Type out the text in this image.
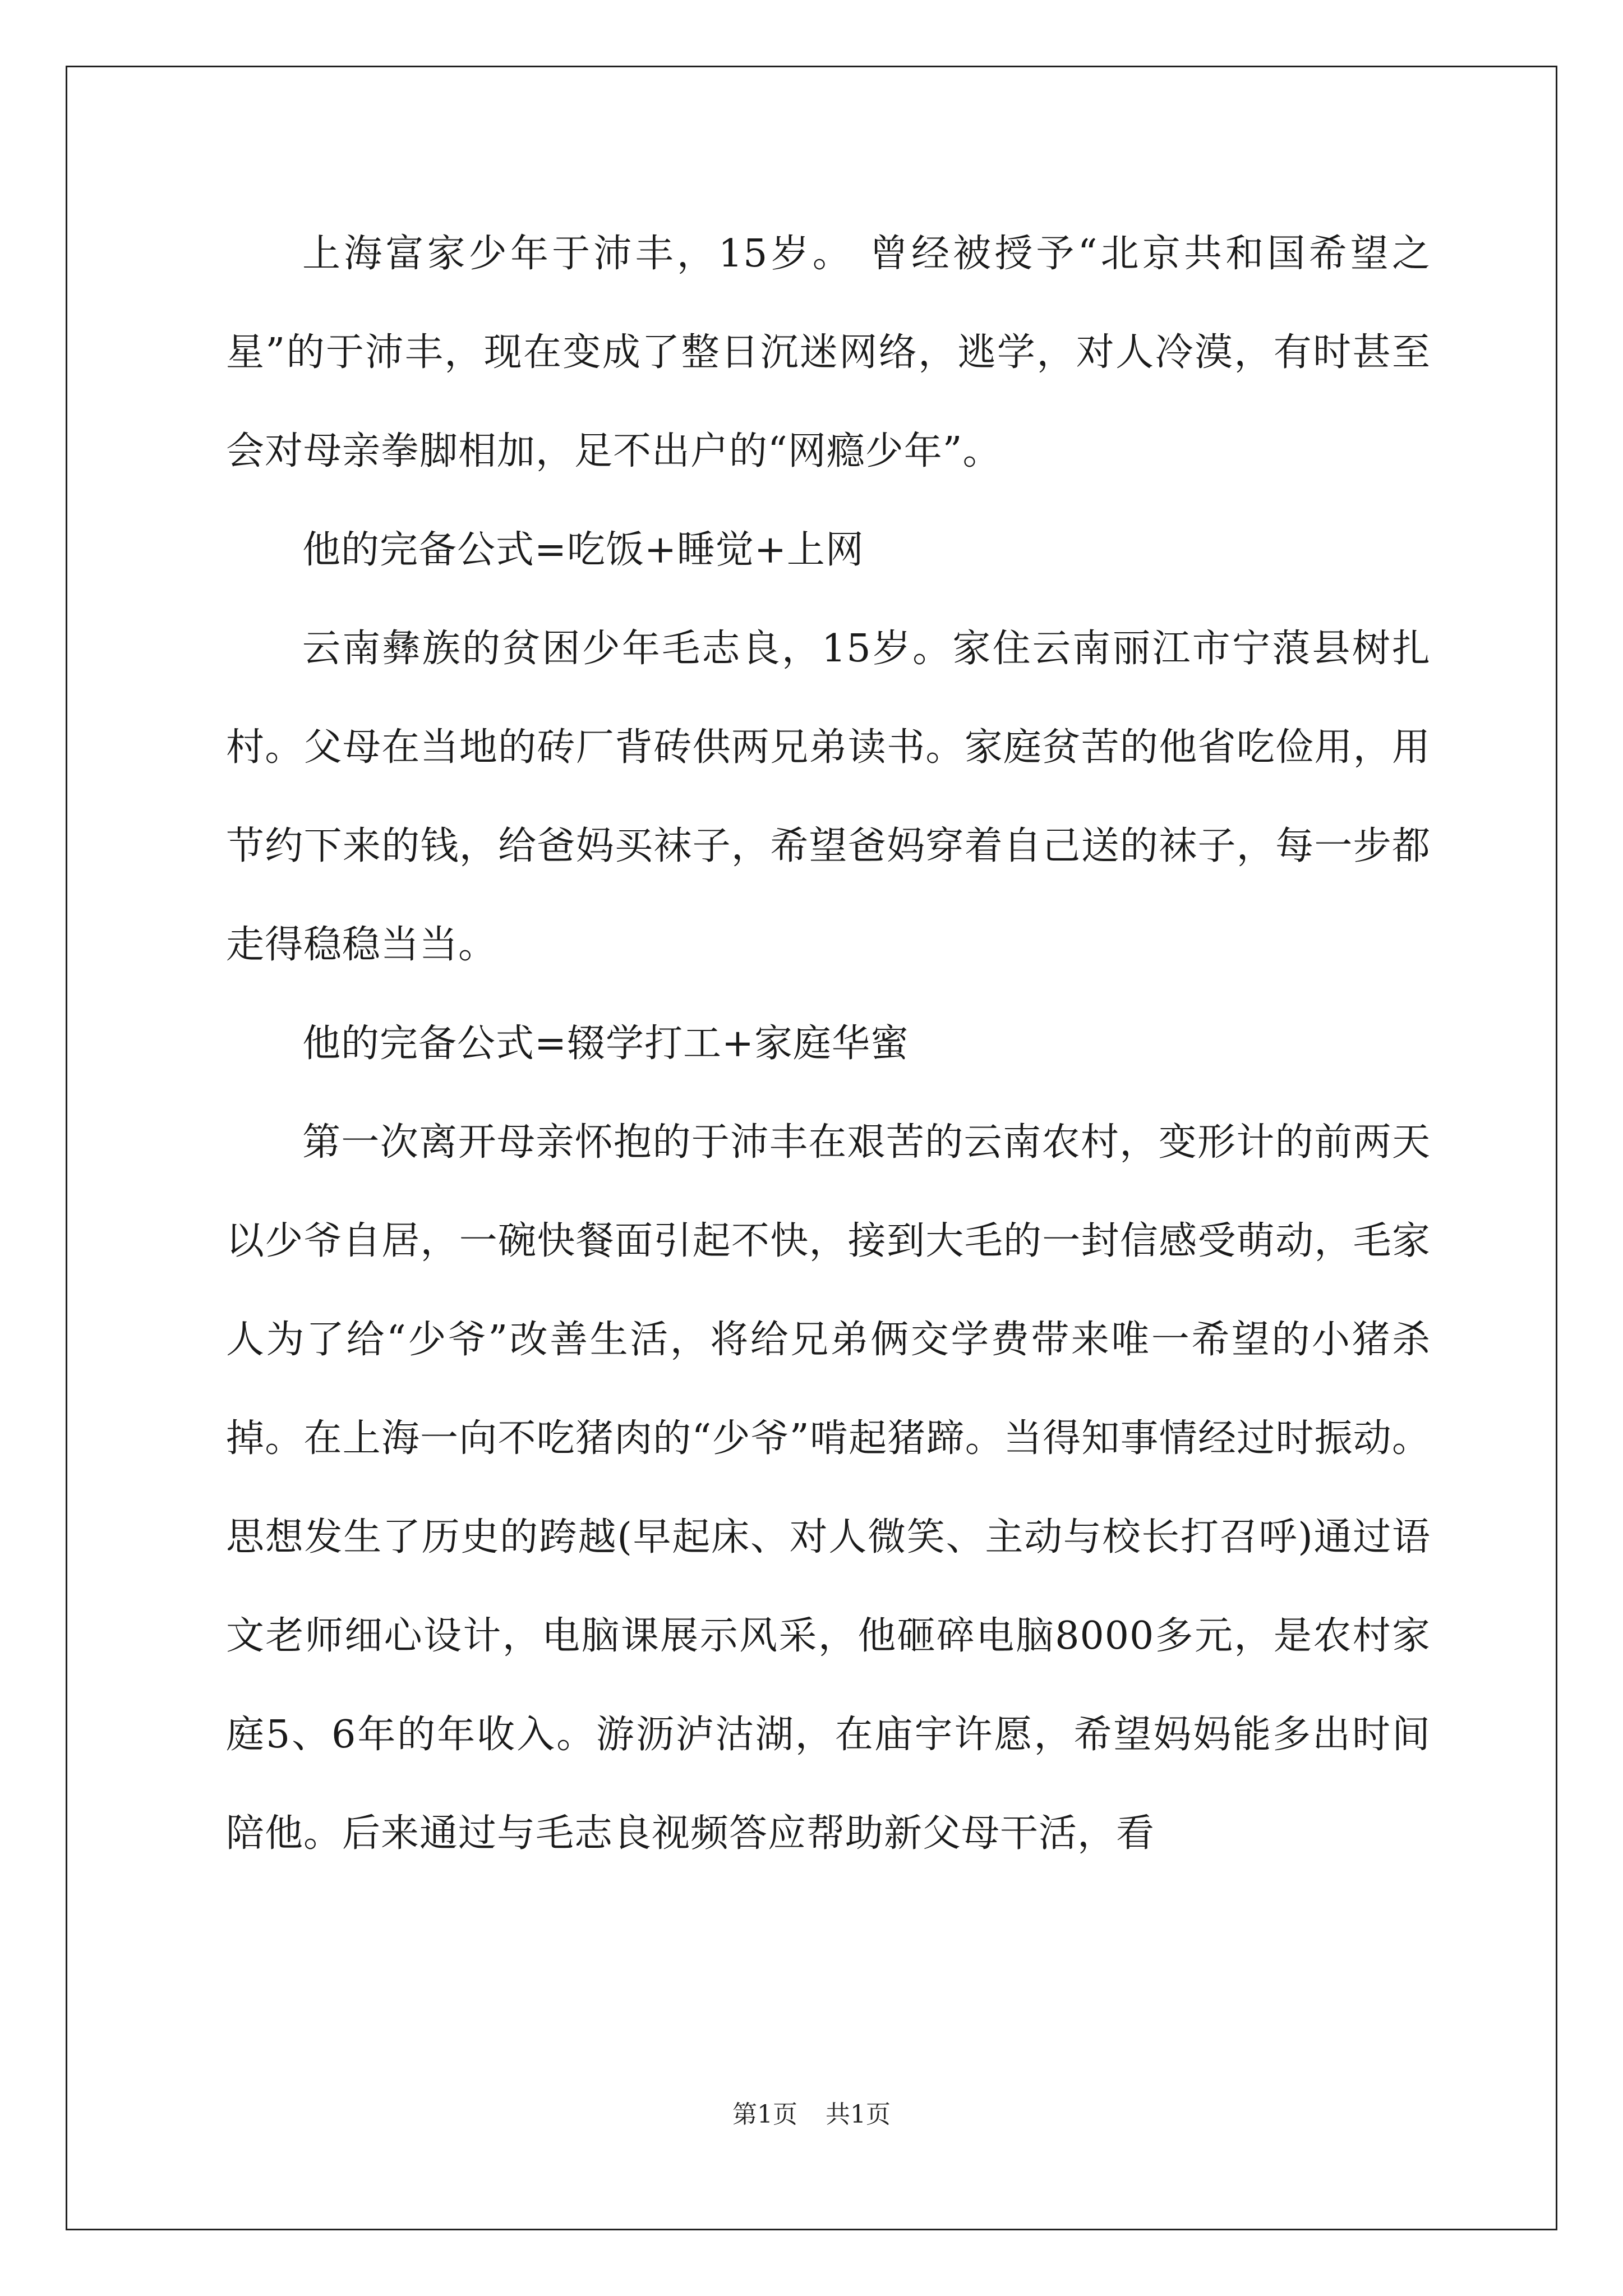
上海富家少年于沛丰，15岁。 曾经被授予“北京共和国希望之星”的于沛丰，现在变成了整日沉迷网络，逃学，对人冷漠，有时甚至会对母亲拳脚相加，足不出户的“网瘾少年”。

他的完备公式=吃饭+睡觉+上网

云南彝族的贫困少年毛志良，15岁。家住云南丽江市宁蒗县树扎村。父母在当地的砖厂背砖供两兄弟读书。家庭贫苦的他省吃俭用，用节约下来的钱，给爸妈买袜子，希望爸妈穿着自己送的袜子，每一步都走得稳稳当当。

他的完备公式=辍学打工+家庭华蜜

第一次离开母亲怀抱的于沛丰在艰苦的云南农村，变形计的前两天以少爷自居，一碗快餐面引起不快，接到大毛的一封信感受萌动，毛家人为了给“少爷”改善生活，将给兄弟俩交学费带来唯一希望的小猪杀掉。在上海一向不吃猪肉的“少爷”啃起猪蹄。当得知事情经过时振动。思想发生了历史的跨越(早起床、对人微笑、主动与校长打召呼)通过语文老师细心设计，电脑课展示风采，他砸碎电脑8000多元，是农村家庭5、6年的年收入。游沥泸沽湖，在庙宇许愿，希望妈妈能多出时间陪他。后来通过与毛志良视频答应帮助新父母干活，看

第1页 共1页
